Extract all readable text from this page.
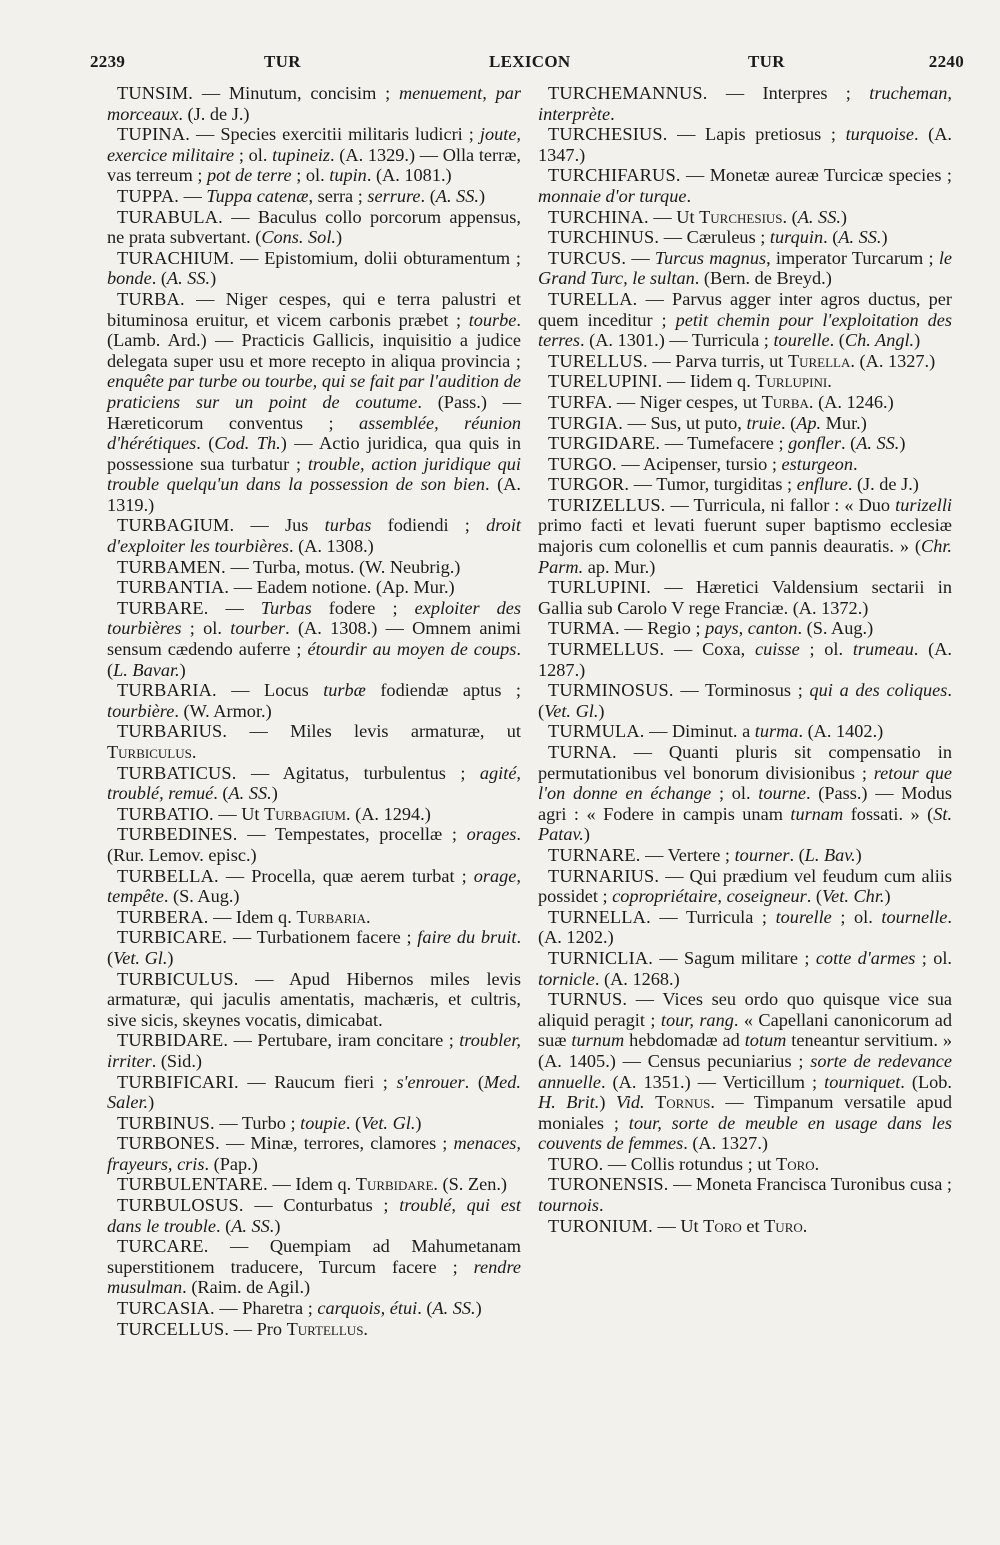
2239	TUR	LEXICON	TUR	2240

TUNSIM. — Minutum, concisim ; menuement, par morceaux. (J. de J.)

TUPINA. — Species exercitii militaris ludicri ; joute, exercice militaire ; ol. tupineiz. (A. 1329.) — Olla terræ, vas terreum ; pot de terre ; ol. tupin. (A. 1081.)

TUPPA. — Tuppa catenæ, serra ; serrure. (A. SS.)

TURABULA. — Baculus collo porcorum appensus, ne prata subvertant. (Cons. Sol.)

TURACHIUM. — Epistomium, dolii obturamentum ; bonde. (A. SS.)

TURBA. — Niger cespes, qui e terra palustri et bituminosa eruitur, et vicem carbonis præbet ; tourbe. (Lamb. Ard.) — Practicis Gallicis, inquisitio a judice delegata super usu et more recepto in aliqua provincia ; enquête par turbe ou tourbe, qui se fait par l'audition de praticiens sur un point de coutume. (Pass.) — Hæreticorum conventus ; assemblée, réunion d'hérétiques. (Cod. Th.) — Actio juridica, qua quis in possessione sua turbatur ; trouble, action juridique qui trouble quelqu'un dans la possession de son bien. (A. 1319.)

TURBAGIUM. — Jus turbas fodiendi ; droit d'exploiter les tourbières. (A. 1308.)

TURBAMEN. — Turba, motus. (W. Neubrig.)

TURBANTIA. — Eadem notione. (Ap. Mur.)

TURBARE. — Turbas fodere ; exploiter des tourbières ; ol. tourber. (A. 1308.) — Omnem animi sensum cædendo auferre ; étourdir au moyen de coups. (L. Bavar.)

TURBARIA. — Locus turbæ fodiendæ aptus ; tourbière. (W. Armor.)

TURBARIUS. — Miles levis armaturæ, ut Turbiculus.

TURBATICUS. — Agitatus, turbulentus ; agité, troublé, remué. (A. SS.)

TURBATIO. — Ut Turbagium. (A. 1294.)

TURBEDINES. — Tempestates, procellæ ; orages. (Rur. Lemov. episc.)

TURBELLA. — Procella, quæ aerem turbat ; orage, tempête. (S. Aug.)

TURBERA. — Idem q. Turbaria.

TURBICARE. — Turbationem facere ; faire du bruit. (Vet. Gl.)

TURBICULUS. — Apud Hibernos miles levis armaturæ, qui jaculis amentatis, machæris, et cultris, sive sicis, skeynes vocatis, dimicabat.

TURBIDARE. — Pertubare, iram concitare ; troubler, irriter. (Sid.)

TURBIFICARI. — Raucum fieri ; s'enrouer. (Med. Saler.)

TURBINUS. — Turbo ; toupie. (Vet. Gl.)

TURBONES. — Minæ, terrores, clamores ; menaces, frayeurs, cris. (Pap.)

TURBULENTARE. — Idem q. Turbidare. (S. Zen.)

TURBULOSUS. — Conturbatus ; troublé, qui est dans le trouble. (A. SS.)

TURCARE. — Quempiam ad Mahumetanam superstitionem traducere, Turcum facere ; rendre musulman. (Raim. de Agil.)

TURCASIA. — Pharetra ; carquois, étui. (A. SS.)

TURCELLUS. — Pro Turtellus.

TURCHEMANNUS. — Interpres ; trucheman, interprète.

TURCHESIUS. — Lapis pretiosus ; turquoise. (A. 1347.)

TURCHIFARUS. — Monetæ aureæ Turcicæ species ; monnaie d'or turque.

TURCHINA. — Ut Turchesius. (A. SS.)

TURCHINUS. — Cæruleus ; turquin. (A. SS.)

TURCUS. — Turcus magnus, imperator Turcarum ; le Grand Turc, le sultan. (Bern. de Breyd.)

TURELLA. — Parvus agger inter agros ductus, per quem inceditur ; petit chemin pour l'exploitation des terres. (A. 1301.) — Turricula ; tourelle. (Ch. Angl.)

TURELLUS. — Parva turris, ut Turella. (A. 1327.)

TURELUPINI. — Iidem q. Turlupini.

TURFA. — Niger cespes, ut Turba. (A. 1246.)

TURGIA. — Sus, ut puto, truie. (Ap. Mur.)

TURGIDARE. — Tumefacere ; gonfler. (A. SS.)

TURGO. — Acipenser, tursio ; esturgeon.

TURGOR. — Tumor, turgiditas ; enflure. (J. de J.)

TURIZELLUS. — Turricula, ni fallor : « Duo turizelli primo facti et levati fuerunt super baptismo ecclesiæ majoris cum colonellis et cum pannis deauratis. » (Chr. Parm. ap. Mur.)

TURLUPINI. — Hæretici Valdensium sectarii in Gallia sub Carolo V rege Franciæ. (A. 1372.)

TURMA. — Regio ; pays, canton. (S. Aug.)

TURMELLUS. — Coxa, cuisse ; ol. trumeau. (A. 1287.)

TURMINOSUS. — Torminosus ; qui a des coliques. (Vet. Gl.)

TURMULA. — Diminut. a turma. (A. 1402.)

TURNA. — Quanti pluris sit compensatio in permutationibus vel bonorum divisionibus ; retour que l'on donne en échange ; ol. tourne. (Pass.) — Modus agri : « Fodere in campis unam turnam fossati. » (St. Patav.)

TURNARE. — Vertere ; tourner. (L. Bav.)

TURNARIUS. — Qui prædium vel feudum cum aliis possidet ; copropriétaire, coseigneur. (Vet. Chr.)

TURNELLA. — Turricula ; tourelle ; ol. tournelle. (A. 1202.)

TURNICLIA. — Sagum militare ; cotte d'armes ; ol. tornicle. (A. 1268.)

TURNUS. — Vices seu ordo quo quisque vice sua aliquid peragit ; tour, rang. « Capellani canonicorum ad suæ turnum hebdomadæ ad totum teneantur servitium. » (A. 1405.) — Census pecuniarius ; sorte de redevance annuelle. (A. 1351.) — Verticillum ; tourniquet. (Lob. H. Brit.) Vid. Tornus. — Timpanum versatile apud moniales ; tour, sorte de meuble en usage dans les couvents de femmes. (A. 1327.)

TURO. — Collis rotundus ; ut Toro.

TURONENSIS. — Moneta Francisca Turonibus cusa ; tournois.

TURONIUM. — Ut Toro et Turo.
